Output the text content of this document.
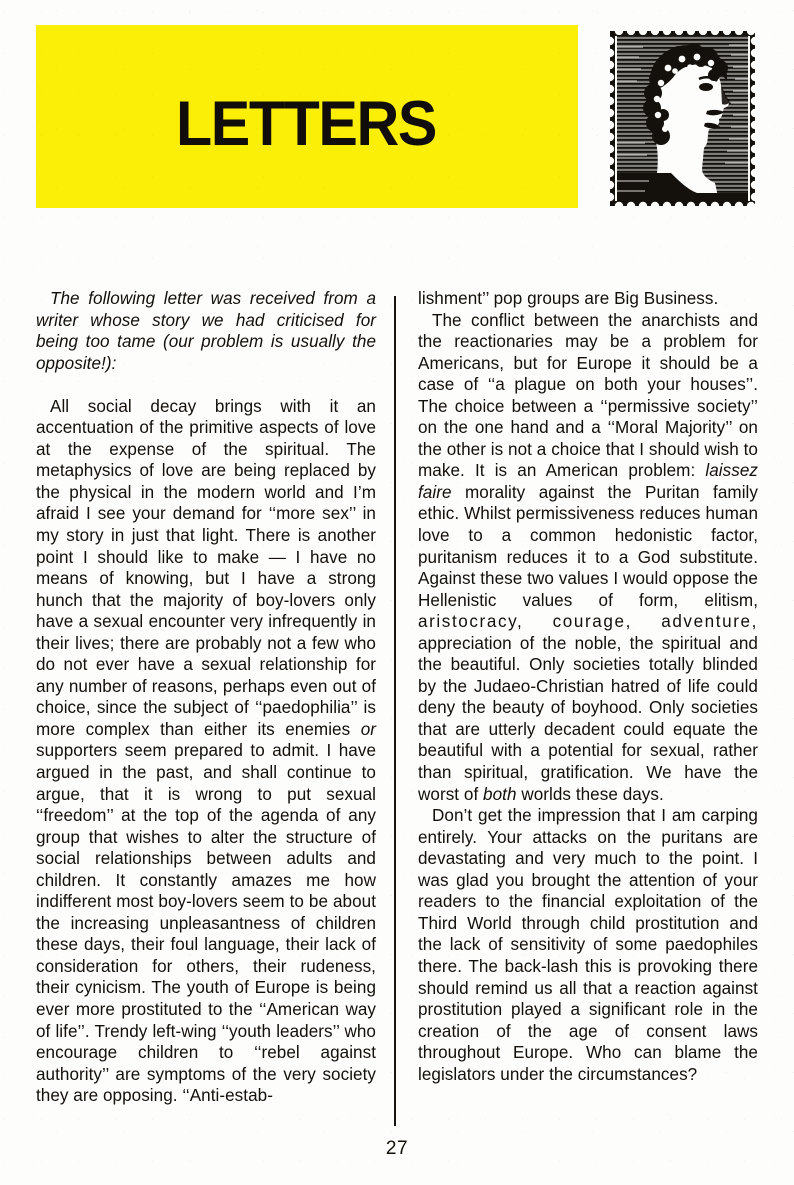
LETTERS

The following letter was received from a writer whose story we had criticised for being too tame (our problem is usually the opposite!):

All social decay brings with it an accentuation of the primitive aspects of love at the expense of the spiritual. The metaphysics of love are being replaced by the physical in the modern world and I’m afraid I see your demand for ‘‘more sex’’ in my story in just that light. There is another point I should like to make — I have no means of knowing, but I have a strong hunch that the majority of boy-lovers only have a sexual encounter very infrequently in their lives; there are probably not a few who do not ever have a sexual relationship for any number of reasons, perhaps even out of choice, since the subject of ‘‘paedophilia’’ is more complex than either its enemies or supporters seem prepared to admit. I have argued in the past, and shall continue to argue, that it is wrong to put sexual ‘‘freedom’’ at the top of the agenda of any group that wishes to alter the structure of social relationships between adults and children. It constantly amazes me how indifferent most boy-lovers seem to be about the increasing unpleasantness of children these days, their foul language, their lack of consideration for others, their rudeness, their cynicism. The youth of Europe is being ever more prostituted to the ‘‘American way of life’’. Trendy left-wing ‘‘youth leaders’’ who encourage children to ‘‘rebel against authority’’ are symptoms of the very society they are opposing. ‘‘Anti-estab-

lishment’’ pop groups are Big Business.

The conflict between the anarchists and the reactionaries may be a problem for Americans, but for Europe it should be a case of ‘‘a plague on both your houses’’. The choice between a ‘‘permissive society’’ on the one hand and a ‘‘Moral Majority’’ on the other is not a choice that I should wish to make. It is an American problem: laissez faire morality against the Puritan family ethic. Whilst permissiveness reduces human love to a common hedonistic factor, puritanism reduces it to a God substitute. Against these two values I would oppose the Hellenistic values of form, elitism, aristocracy, courage, adventure, appreciation of the noble, the spiritual and the beautiful. Only societies totally blinded by the Judaeo-Christian hatred of life could deny the beauty of boyhood. Only societies that are utterly decadent could equate the beautiful with a potential for sexual, rather than spiritual, gratification. We have the worst of both worlds these days.

Don’t get the impression that I am carping entirely. Your attacks on the puritans are devastating and very much to the point. I was glad you brought the attention of your readers to the financial exploitation of the Third World through child prostitution and the lack of sensitivity of some paedophiles there. The back-lash this is provoking there should remind us all that a reaction against prostitution played a significant role in the creation of the age of consent laws throughout Europe. Who can blame the legislators under the circumstances?

27
